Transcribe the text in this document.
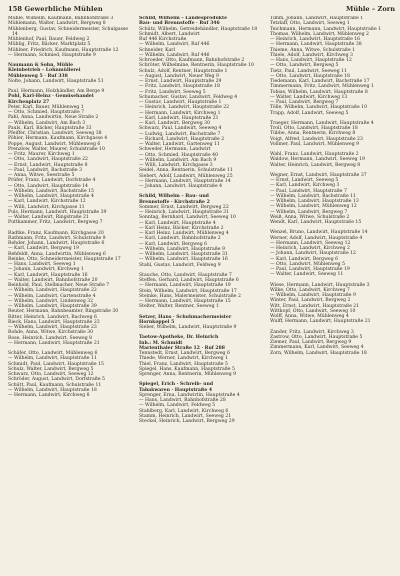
158 Gewerbliche Mühlen	Mühle – Zorn

Mühle, Wilhelm, Kaufmann, Bahnhofstraße 3

Mühlemann, Walter, Landwirt, Bergweg 8

Mühlenberg, Gustav, Schneidermeister, Schulgasse 14

Mühlenhof, Paul, Bauer, Feldweg 2

Mühlig, Fritz, Bäcker, Marktplatz 5

Mühlner, Friedrich, Kaufmann, Hauptstraße 12

— Hermann, Schmied, Hauptstraße 9

Naumann & Sohn, Mühle

Kleinbetrieb – Lohnmüllerei

Mühlenweg 5 · Ruf 338

Nolte, Johann, Landwirt, Hauptstraße 51

Paul, Hermann, Holzhändler, Am Berge 9

Pohl, Karl-Heinz · Gemüsehandel

Kirchenplatz 27

Peter, Karl, Bauer, Mühlenweg 1

— Otto, Schmied, Hauptstraße 7

Pahl, Anna, Landwirtin, Neue Straße 2

— Wilhelm, Landwirt, Am Bach 3

Pauls, Karl, Bäcker, Hauptstraße 33

Pfeiffer, Christian, Landwirt, Seeweg 38

Pöhler, Hermann, Kaufmann, Kirchgasse 4

Poppe, August, Landwirt, Mühlenweg 6

Prenzlow, Walter, Maurer, Schulstraße 10

— Fritz, Maurer, Kirchweg 1

— Otto, Landwirt, Hauptstraße 22

— Ernst, Landwirt, Hauptstraße 8

— Paul, Landwirt, Bachstraße 3

— Anna, Witwe, Seestraße 5

Prüfer, Franz, Landwirt, Dorfstraße 4

— Otto, Landwirt, Hauptstraße 14

— Wilhelm, Landwirt, Bachstraße 15

— Wilhelm, Landwirt, Hauptstraße 4

— Karl, Landwirt, Kirchstraße 12

— Willi, Landwirt, Kirchgasse 11

Puls, Hermann, Landwirt, Hauptstraße 39

— Walter, Landwirt, Ringstraße 21

Puttkammer, Fritz, Landwirt, Bergweg 7

Radtke, Franz, Kaufmann, Kirchgasse 20

Rathmann, Fritz, Landwirt, Schulstraße 9

Rehder, Johann, Landwirt, Hauptstraße 6

— Karl, Landwirt, Bergweg 19

Rehfeldt, Anna, Landwirtin, Mühlenweg 6

Reinke, Otto, Schneidermeister, Hauptstraße 17

— Hans, Landwirt, Seeweg 1

— Johann, Landwirt, Kirchweg 1

— Karl, Landwirt, Hauptstraße 16

— Walter, Landwirt, Bahnhofstraße 20

Reinhold, Paul, Stellmacher, Neue Straße 7

— Wilhelm, Landwirt, Hauptstraße 22

— Wilhelm, Landwirt, Gartenstraße 4

— Wilhelm, Landwirt, Lindenweg 32

— Wilhelm, Landwirt, Hauptstraße 39

Reuter, Hermann, Bahnbeamter, Ringstraße 30

Ritter, Heinrich, Landwirt, Bachweg 6

Rieck, Hans, Landwirt, Hauptstraße 23

— Wilhelm, Landwirt, Hauptstraße 23

Rohde, Anna, Witwe, Kirchstraße 30

Rose, Heinrich, Landwirt, Seeweg 8

— Hermann, Landwirt, Hauptstraße 21

Schäfer, Otto, Landwirt, Mühlenweg 6

— Wilhelm, Landwirt, Hauptstraße 11

Schmidt, Paul, Landwirt, Hauptstraße 15

Schulz, Walter, Landwirt, Bergweg 5

Schwarz, Otto, Landwirt, Seeweg 12

Schröder, August, Landwirt, Dorfstraße 5

Schütt, Paul, Kaufmann, Schulstraße 11

— Wilhelm, Landwirt, Hauptstraße 18

— Hermann, Landwirt, Kirchweg 8

Schild, Wilhelm – Landesprodukte

Bau- und Brennstoffe · Ruf 346

Schütz, Wilhelm, Getreidehändler, Hauptstraße 18

Schmidt, Albert, Landwirt

Ruf 446 Kirchstraße

— Wilhelm, Landwirt, Ruf 446

Schneider, Karl

— Wilhelm, Landwirt, Ruf 446

Schroeder, Otto, Kaufmann, Bahnhofstraße 2

Schröter, Wilhelmine, Rentnerin, Hauptstraße 10

Schulz, Adolf, Rentner, Hauptstraße 1

— August, Landwirt, Neuer Weg 9

— Ernst, Landwirt, Hauptstraße 29

— Fritz, Landwirt, Hauptstraße 18

— Fritz, Landwirt, Seeweg 5

Schumacher, Gustav, Landwirt, Feldweg 4

— Gustav, Landwirt, Hauptstraße 1

— Heinrich, Landwirt, Hauptstraße 22

— Hermann, Landwirt, Kirchweg 1

— Karl, Landwirt, Hauptstraße 21

— Karl, Landwirt, Bergweg 30

Schwarz, Paul, Landwirt, Seeweg 4

— Ludwig, Landwirt, Bachstraße 7

— Richard, Landwirt, Hauptstraße 2

— Walter, Landwirt, Gartenweg 11

Schweder, Hermann, Landwirt

— Otto, Schmied, Hauptstraße 40

— Wilhelm, Landwirt, Am Bach 9

— Willi, Landwirt, Kirchgasse 3

Seidel, Anna, Rentnerin, Schulstraße 11

Siebert, Adolf, Landwirt, Mühlenweg 25

— Hermann, Landwirt, Hauptstraße 14

— Johann, Landwirt, Hauptstraße 4

Schild, Wilhelm – Bau- und

Brennstoffe · Kirchstraße 2

Sommer, Ernst, Landwirt, Bergweg 22

— Heinrich, Landwirt, Hauptstraße 31

Sonntag, Bernhard, Landwirt, Seeweg 10

— Karl, Landwirt, Hauptstraße 4

— Karl Heinz, Bäcker, Kirchstraße 2

— Karl Heinz, Landwirt, Mühlenweg 4

— Karl, Landwirt, Bahnhofstraße 2

— Karl, Landwirt, Bergweg 6

— Wilhelm, Landwirt, Hauptstraße 9

— Wilhelm, Landwirt, Hauptstraße 31

— Wilhelm, Landwirt, Hauptstraße 16

Stahl, Gustav, Landwirt, Feldweg 9

Stauche, Otto, Landwirt, Hauptstraße 7

Steffen, Gerhard, Landwirt, Hauptstraße 6

— Hermann, Landwirt, Hauptstraße 19

Stein, Wilhelm, Landwirt, Hauptstraße 17

Steinke, Hans, Malermeister, Schulstraße 2

— Hermann, Landwirt, Hauptstraße 15

Stelter, Walter, Rentner, Seeweg 1

Setzer, Hans · Schuhmachermeister

Hornkoppel 5

Sieber, Wilhelm, Landwirt, Hauptstraße 9

Taetow-Apotheke, Dr. Heinrich

Inh.: M. Schmidt

Marienthaler Straße 12 · Ruf 288

Tennstedt, Ernst, Landwirt, Bergweg 6

Thiede, Werner, Landwirt, Kirchweg 1

Thiel, Franz, Landwirt, Hauptstraße 5

Spiegel, Hans, Kaufmann, Hauptstraße 5

Sprenger, Anna, Rentnerin, Mühlenweg 9

Spiegel, Erich · Schreib- und

Tabakwaren · Hauptstraße 4

Sprenger, Erna, Landwirtin, Hauptstraße 4

— Hans, Landwirt, Bahnhofstraße 28

— Wilhelm, Landwirt, Feldweg 5

Stahlberg, Karl, Landwirt, Kirchweg 6

Stamm, Heinrich, Landwirt, Seeweg 21

Steckel, Heinrich, Landwirt, Bergweg 29

Timm, Johann, Landwirt, Hauptstraße 1

Tetzlaff, Otto, Landwirt, Seeweg 1

Teichmann, Hermann, Landwirt, Hauptstraße 1

Thomas, Wilhelm, Landwirt, Mühlenweg 2

— Heinrich, Landwirt, Hauptstraße 16

— Hermann, Landwirt, Hauptstraße 38

Thieme, Anna, Witwe, Schulstraße 1

Thiele, Adolf, Landwirt, Kirchweg 3

— Hans, Landwirt, Hauptstraße 12

— Otto, Landwirt, Bergweg 5

Tietz, Paul, Landwirt, Seeweg 11

— Otto, Landwirt, Hauptstraße 18

Tiedemann, Karl, Landwirt, Bachstraße 17

Timmermann, Fritz, Landwirt, Mühlenweg 1

Tobias, Wilhelm, Landwirt, Hauptstraße 8

— Walter, Landwirt, Kirchweg 13

— Paul, Landwirt, Bergweg 7

Tölle, Wilhelm, Landwirt, Hauptstraße 10

Trapp, Adolf, Landwirt, Seeweg 5

Traeger, Hermann, Landwirt, Hauptstraße 4

Troll, Otto, Landwirt, Hauptstraße 18

Tübbe, Anna, Rentnerin, Kirchweg 8

Voigt, Alfred, Landwirt, Hauptstraße 23

Vollmer, Paul, Landwirt, Mühlenweg 9

Wahl, Franz, Landwirt, Hauptstraße 2

Waldow, Hermann, Landwirt, Seeweg 19

Walter, Heinrich, Landwirt, Bergweg 8

Wegner, Ernst, Landwirt, Hauptstraße 37

— Ernst, Landwirt, Seeweg 5

— Karl, Landwirt, Kirchweg 3

— Paul, Landwirt, Hauptstraße 7

— Wilhelm, Landwirt, Bachstraße 11

— Wilhelm, Landwirt, Hauptstraße 13

— Wilhelm, Landwirt, Mühlenweg 12

— Wilhelm, Landwirt, Bergweg 7

Weiß, Anna, Witwe, Schulstraße 2

Wendt, Karl, Landwirt, Hauptstraße 15

Wenzel, Bruno, Landwirt, Hauptstraße 14

Werner, Adolf, Landwirt, Hauptstraße 4

— Hermann, Landwirt, Seeweg 12

— Heinrich, Landwirt, Kirchweg 2

— Johann, Landwirt, Hauptstraße 12

— Karl, Landwirt, Bergweg 6

— Otto, Landwirt, Mühlenweg 5

— Paul, Landwirt, Hauptstraße 19

— Walter, Landwirt, Seeweg 11

Wiese, Hermann, Landwirt, Hauptstraße 3

Wilke, Otto, Landwirt, Kirchweg 7

— Wilhelm, Landwirt, Hauptstraße 9

Winter, Paul, Landwirt, Bergweg 2

Witt, Ernst, Landwirt, Hauptstraße 21

Wittkopf, Otto, Landwirt, Seeweg 10

Wolff, Anna, Witwe, Mühlenweg 4

Wulff, Hermann, Landwirt, Hauptstraße 21

Zander, Fritz, Landwirt, Kirchweg 3

Zastrow, Otto, Landwirt, Hauptstraße 5

Ziemer, Paul, Landwirt, Bergweg 9

Zimmermann, Karl, Landwirt, Seeweg 4

Zorn, Wilhelm, Landwirt, Hauptstraße 18
